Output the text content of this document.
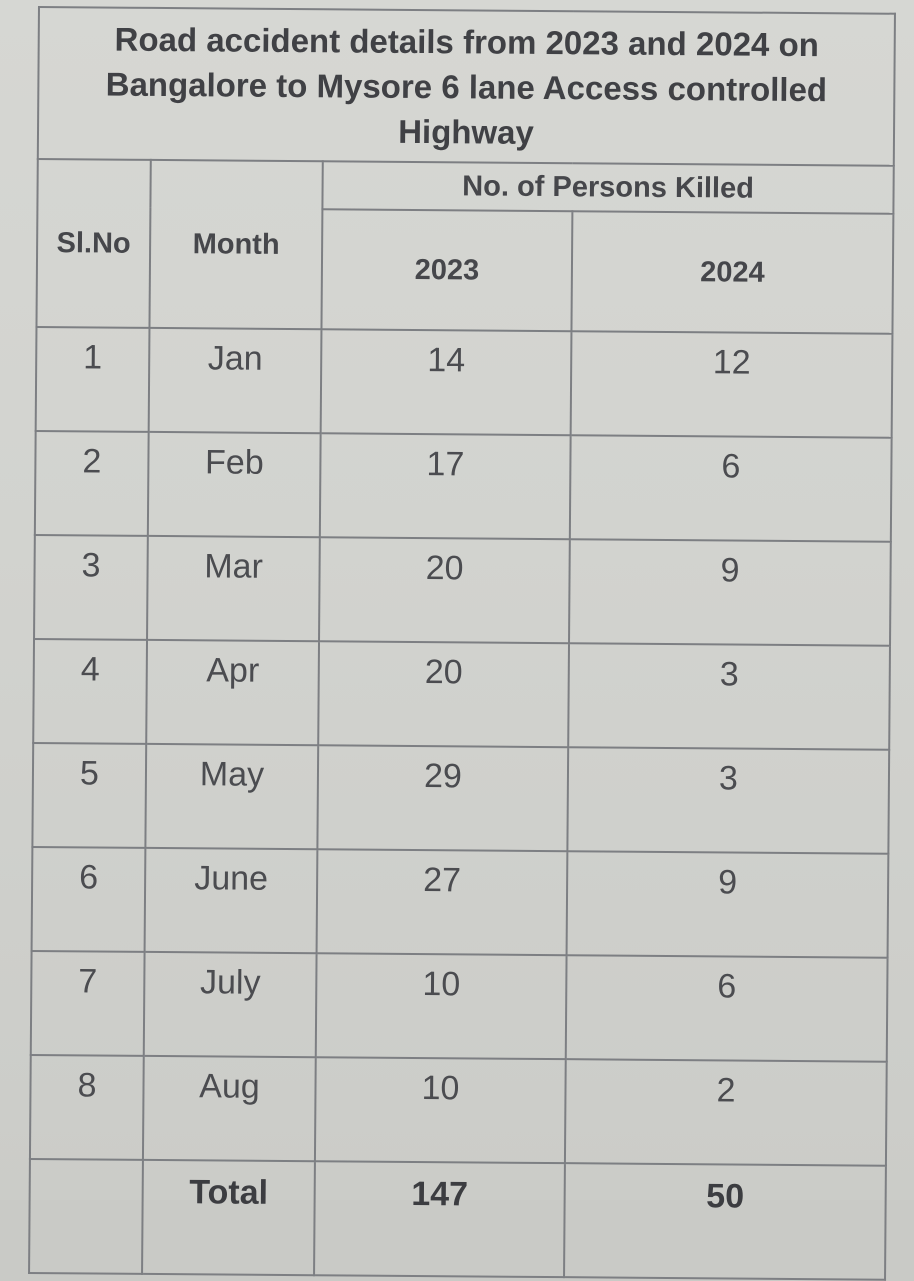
Road accident details from 2023 and 2024 on Bangalore to Mysore 6 lane Access controlled Highway			
Sl.No	Month	No. of Persons Killed	
		2023	2024
1	Jan	14	12
2	Feb	17	6
3	Mar	20	9
4	Apr	20	3
5	May	29	3
6	June	27	9
7	July	10	6
8	Aug	10	2
	Total	147	50
